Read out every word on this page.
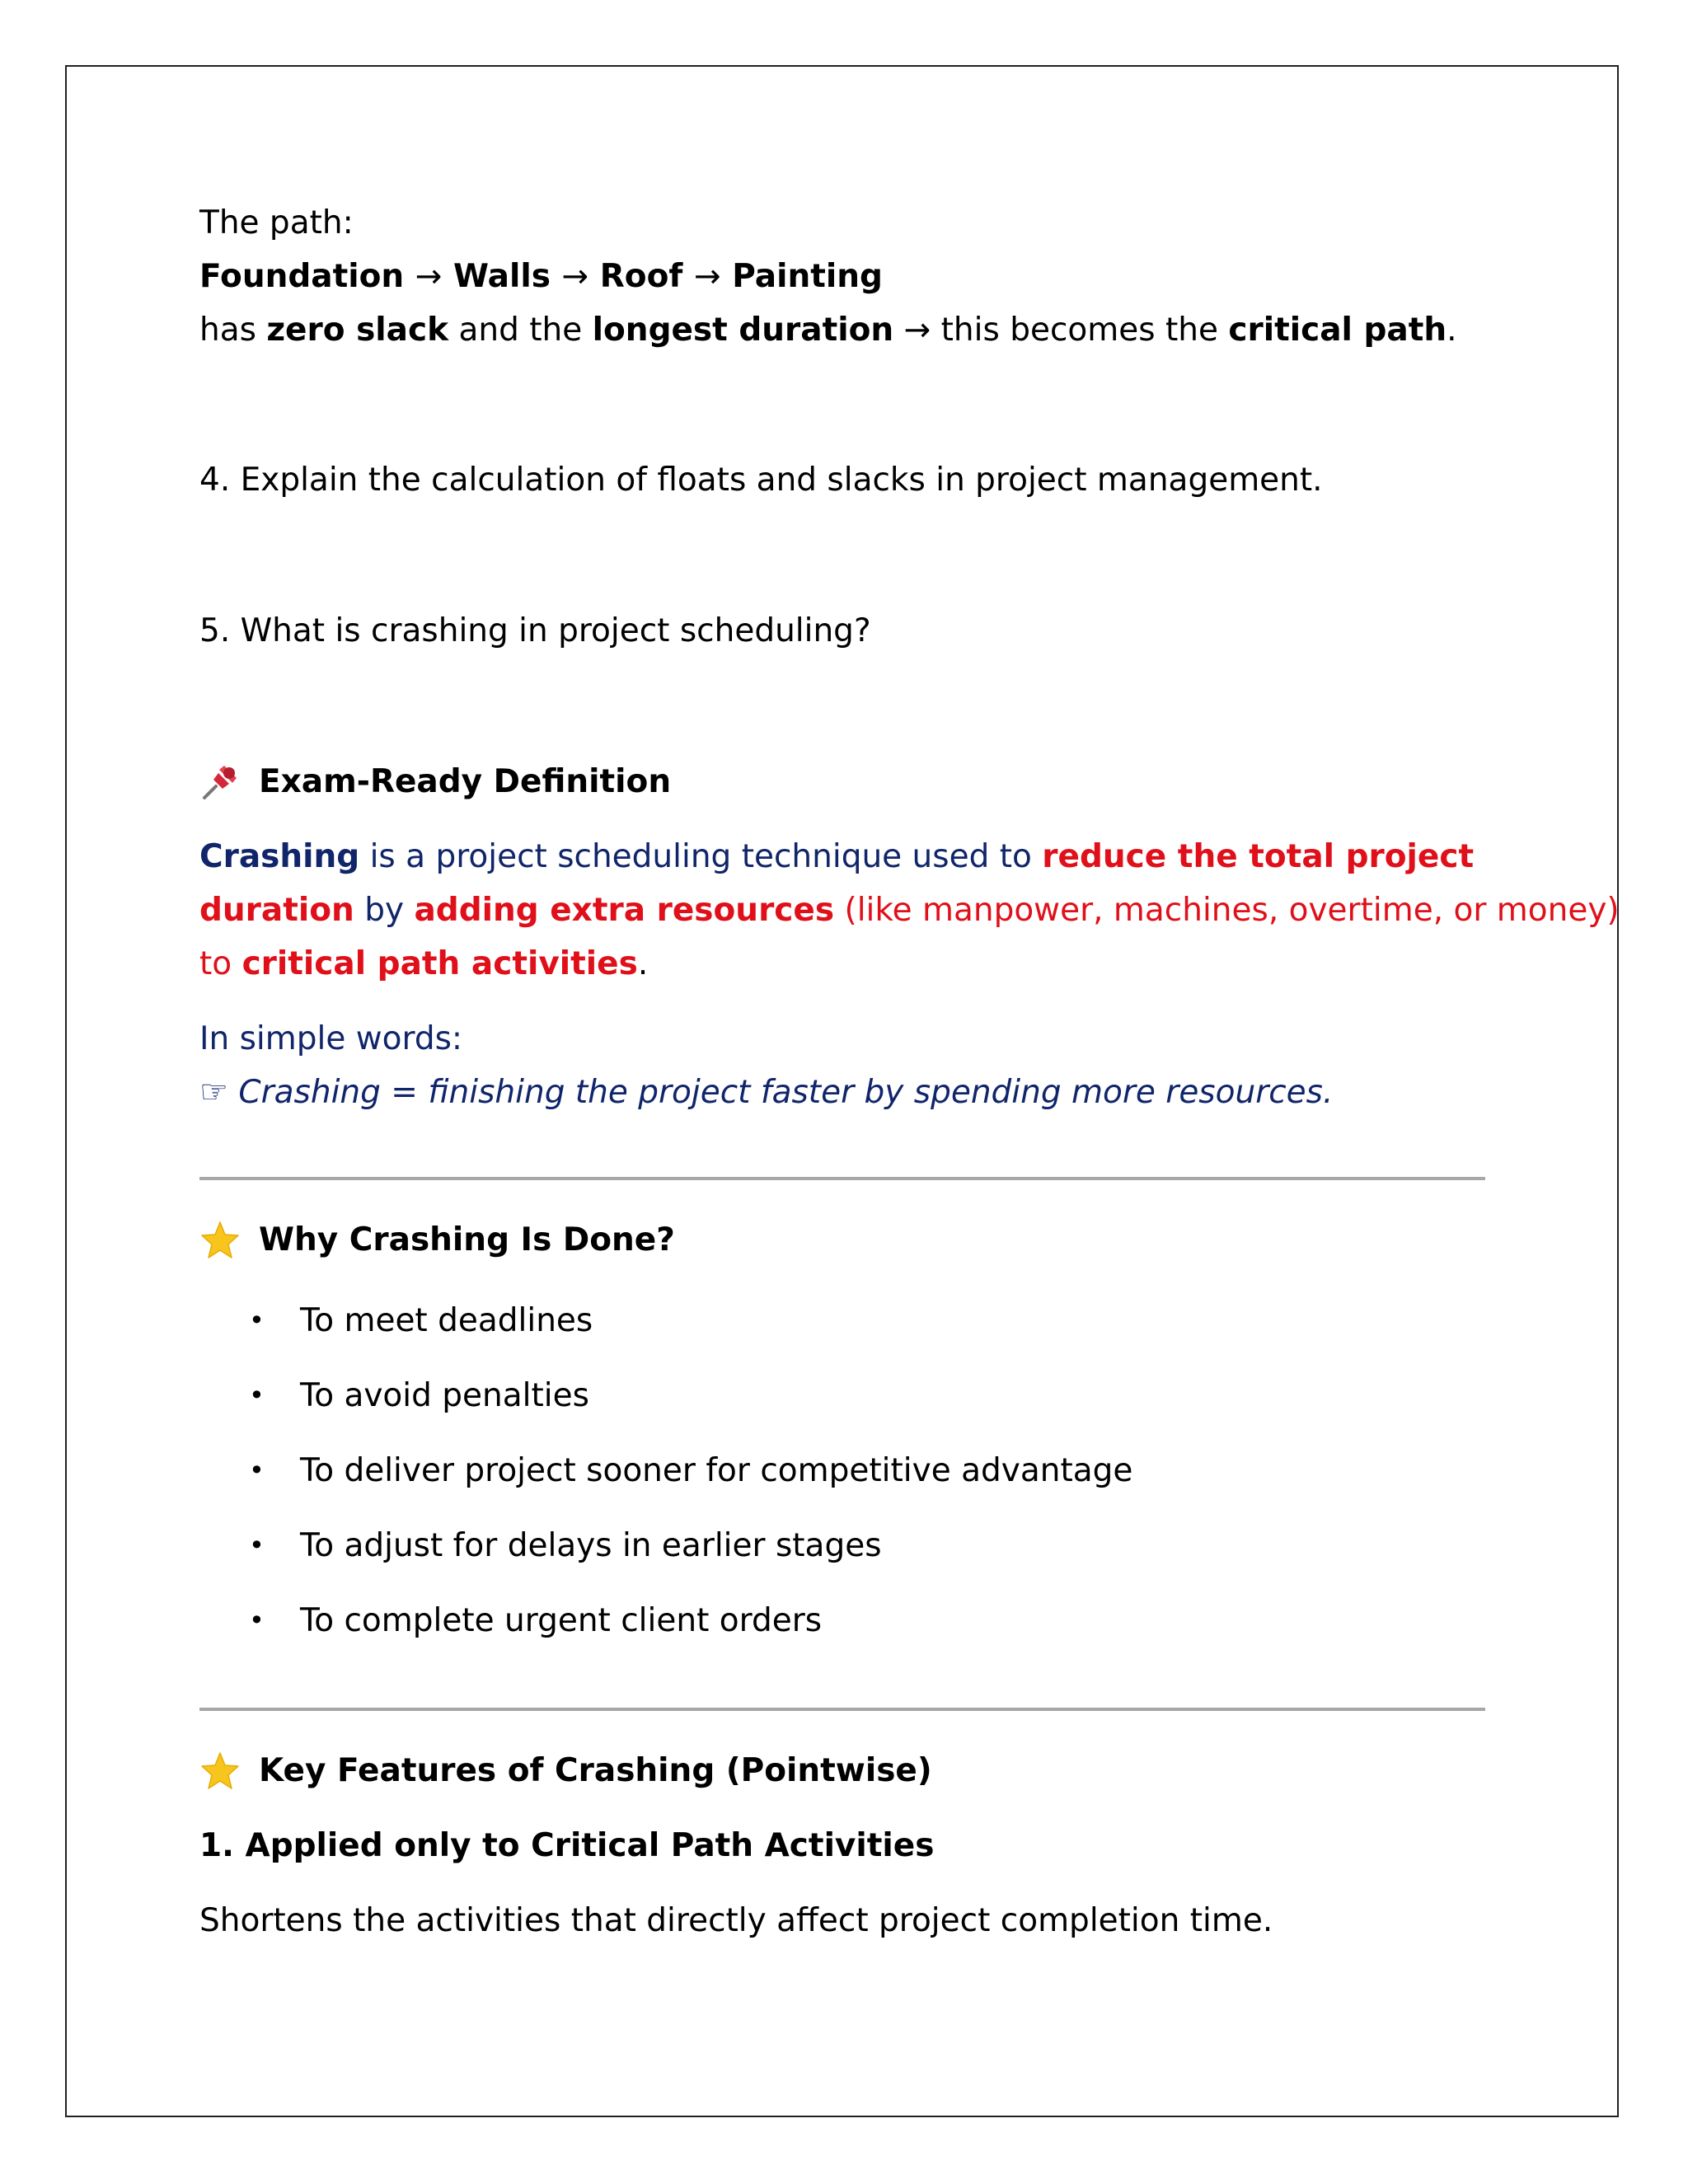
The path:
Foundation → Walls → Roof → Painting
has zero slack and the longest duration → this becomes the critical path.
4. Explain the calculation of floats and slacks in project management.
5. What is crashing in project scheduling?
Exam-Ready Definition
Crashing is a project scheduling technique used to reduce the total project
duration by adding extra resources (like manpower, machines, overtime, or money)
to critical path activities.
In simple words:
☞ Crashing = finishing the project faster by spending more resources.
Why Crashing Is Done?
• To meet deadlines
• To avoid penalties
• To deliver project sooner for competitive advantage
• To adjust for delays in earlier stages
• To complete urgent client orders
Key Features of Crashing (Pointwise)
1. Applied only to Critical Path Activities
Shortens the activities that directly affect project completion time.
